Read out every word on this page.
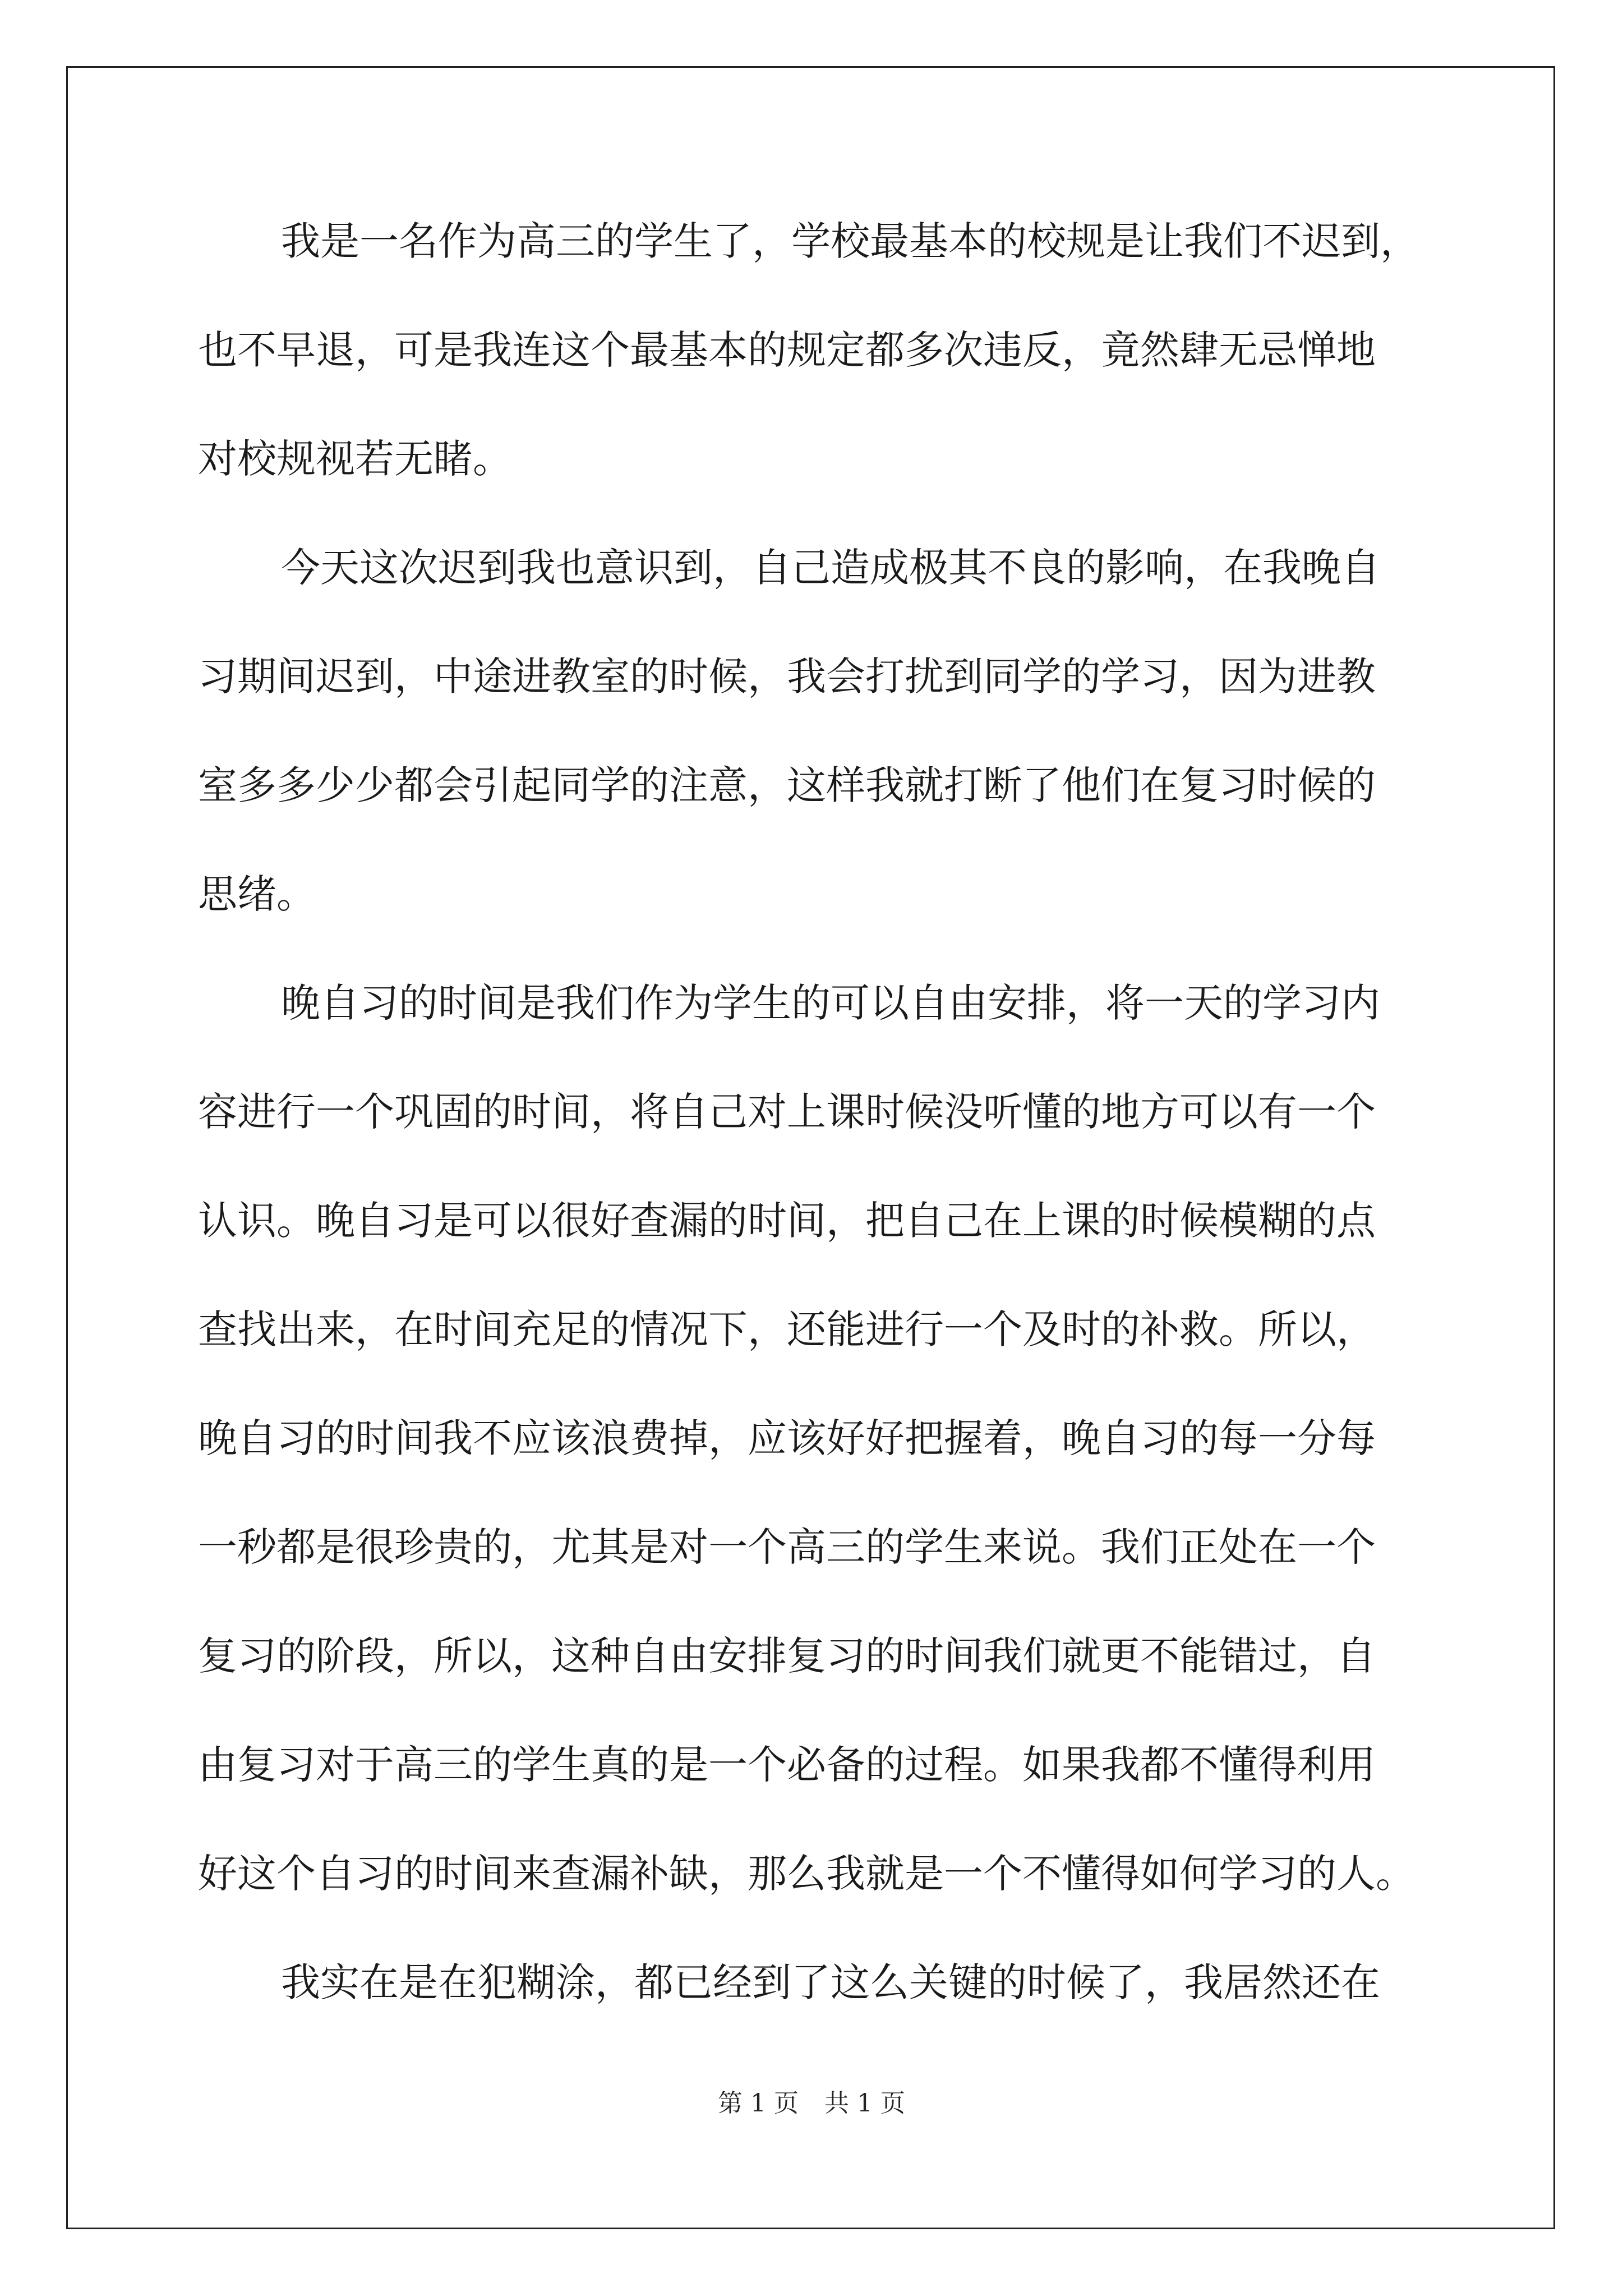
我是一名作为高三的学生了，学校最基本的校规是让我们不迟到，
也不早退，可是我连这个最基本的规定都多次违反，竟然肆无忌惮地
对校规视若无睹。
今天这次迟到我也意识到，自己造成极其不良的影响，在我晚自
习期间迟到，中途进教室的时候，我会打扰到同学的学习，因为进教
室多多少少都会引起同学的注意，这样我就打断了他们在复习时候的
思绪。
晚自习的时间是我们作为学生的可以自由安排，将一天的学习内
容进行一个巩固的时间，将自己对上课时候没听懂的地方可以有一个
认识。晚自习是可以很好查漏的时间，把自己在上课的时候模糊的点
查找出来，在时间充足的情况下，还能进行一个及时的补救。所以，
晚自习的时间我不应该浪费掉，应该好好把握着，晚自习的每一分每
一秒都是很珍贵的，尤其是对一个高三的学生来说。我们正处在一个
复习的阶段，所以，这种自由安排复习的时间我们就更不能错过，自
由复习对于高三的学生真的是一个必备的过程。如果我都不懂得利用
好这个自习的时间来查漏补缺，那么我就是一个不懂得如何学习的人。
我实在是在犯糊涂，都已经到了这么关键的时候了，我居然还在
第 1 页 共 1 页
